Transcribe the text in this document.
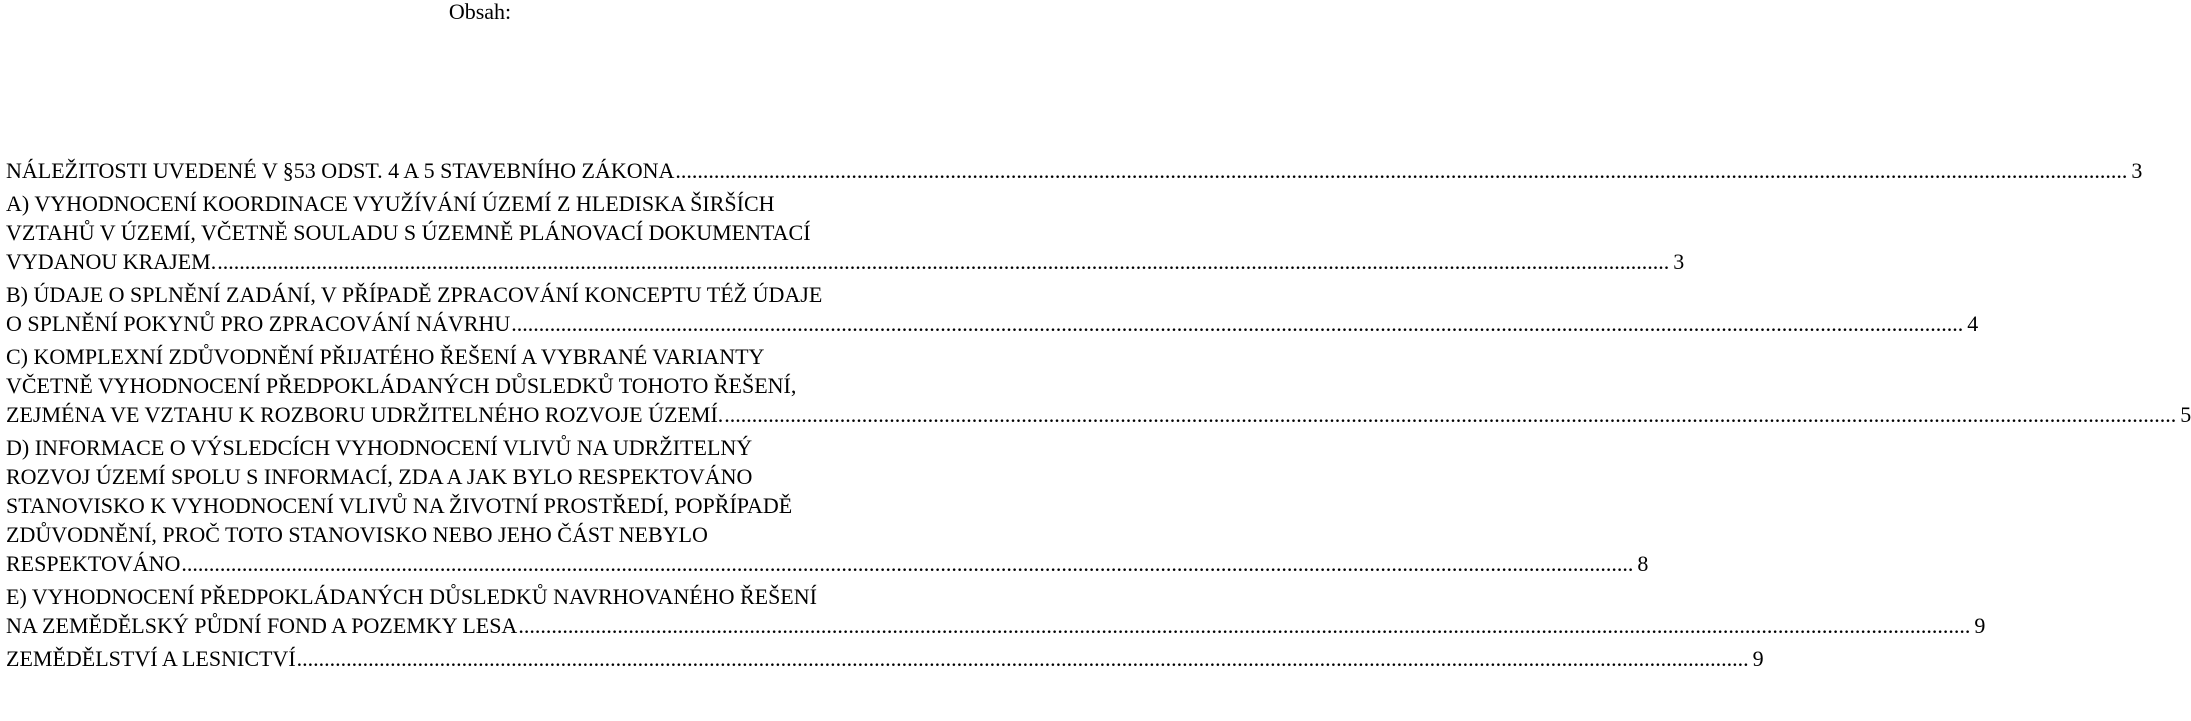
Obsah:
NÁLEŽITOSTI UVEDENÉ V §53 ODST. 4 A 5 STAVEBNÍHO ZÁKONA .....	3
A) VYHODNOCENÍ KOORDINACE VYUŽÍVÁNÍ ÚZEMÍ Z HLEDISKA ŠIRŠÍCH
VZTAHŮ V ÚZEMÍ, VČETNĚ SOULADU S ÚZEMNĚ PLÁNOVACÍ DOKUMENTACÍ
VYDANOU KRAJEM. .....	3
B) ÚDAJE O SPLNĚNÍ ZADÁNÍ, V PŘÍPADĚ ZPRACOVÁNÍ KONCEPTU TÉŽ ÚDAJE
O SPLNĚNÍ POKYNŮ PRO ZPRACOVÁNÍ NÁVRHU .....	4
C) KOMPLEXNÍ ZDŮVODNĚNÍ PŘIJATÉHO ŘEŠENÍ A VYBRANÉ VARIANTY
VČETNĚ VYHODNOCENÍ PŘEDPOKLÁDANÝCH DŮSLEDKŮ TOHOTO ŘEŠENÍ,
ZEJMÉNA VE VZTAHU K ROZBORU UDRŽITELNÉHO ROZVOJE ÚZEMÍ. .....	5
D) INFORMACE O VÝSLEDCÍCH VYHODNOCENÍ VLIVŮ NA UDRŽITELNÝ
ROZVOJ ÚZEMÍ SPOLU S INFORMACÍ, ZDA A JAK BYLO RESPEKTOVÁNO
STANOVISKO K VYHODNOCENÍ VLIVŮ NA ŽIVOTNÍ PROSTŘEDÍ, POPŘÍPADĚ
ZDŮVODNĚNÍ, PROČ TOTO STANOVISKO NEBO JEHO ČÁST NEBYLO
RESPEKTOVÁNO .....	8
E) VYHODNOCENÍ PŘEDPOKLÁDANÝCH DŮSLEDKŮ NAVRHOVANÉHO ŘEŠENÍ
NA ZEMĚDĚLSKÝ PŮDNÍ FOND A POZEMKY LESA .....	9
ZEMĚDĚLSTVÍ A LESNICTVÍ .....	9
